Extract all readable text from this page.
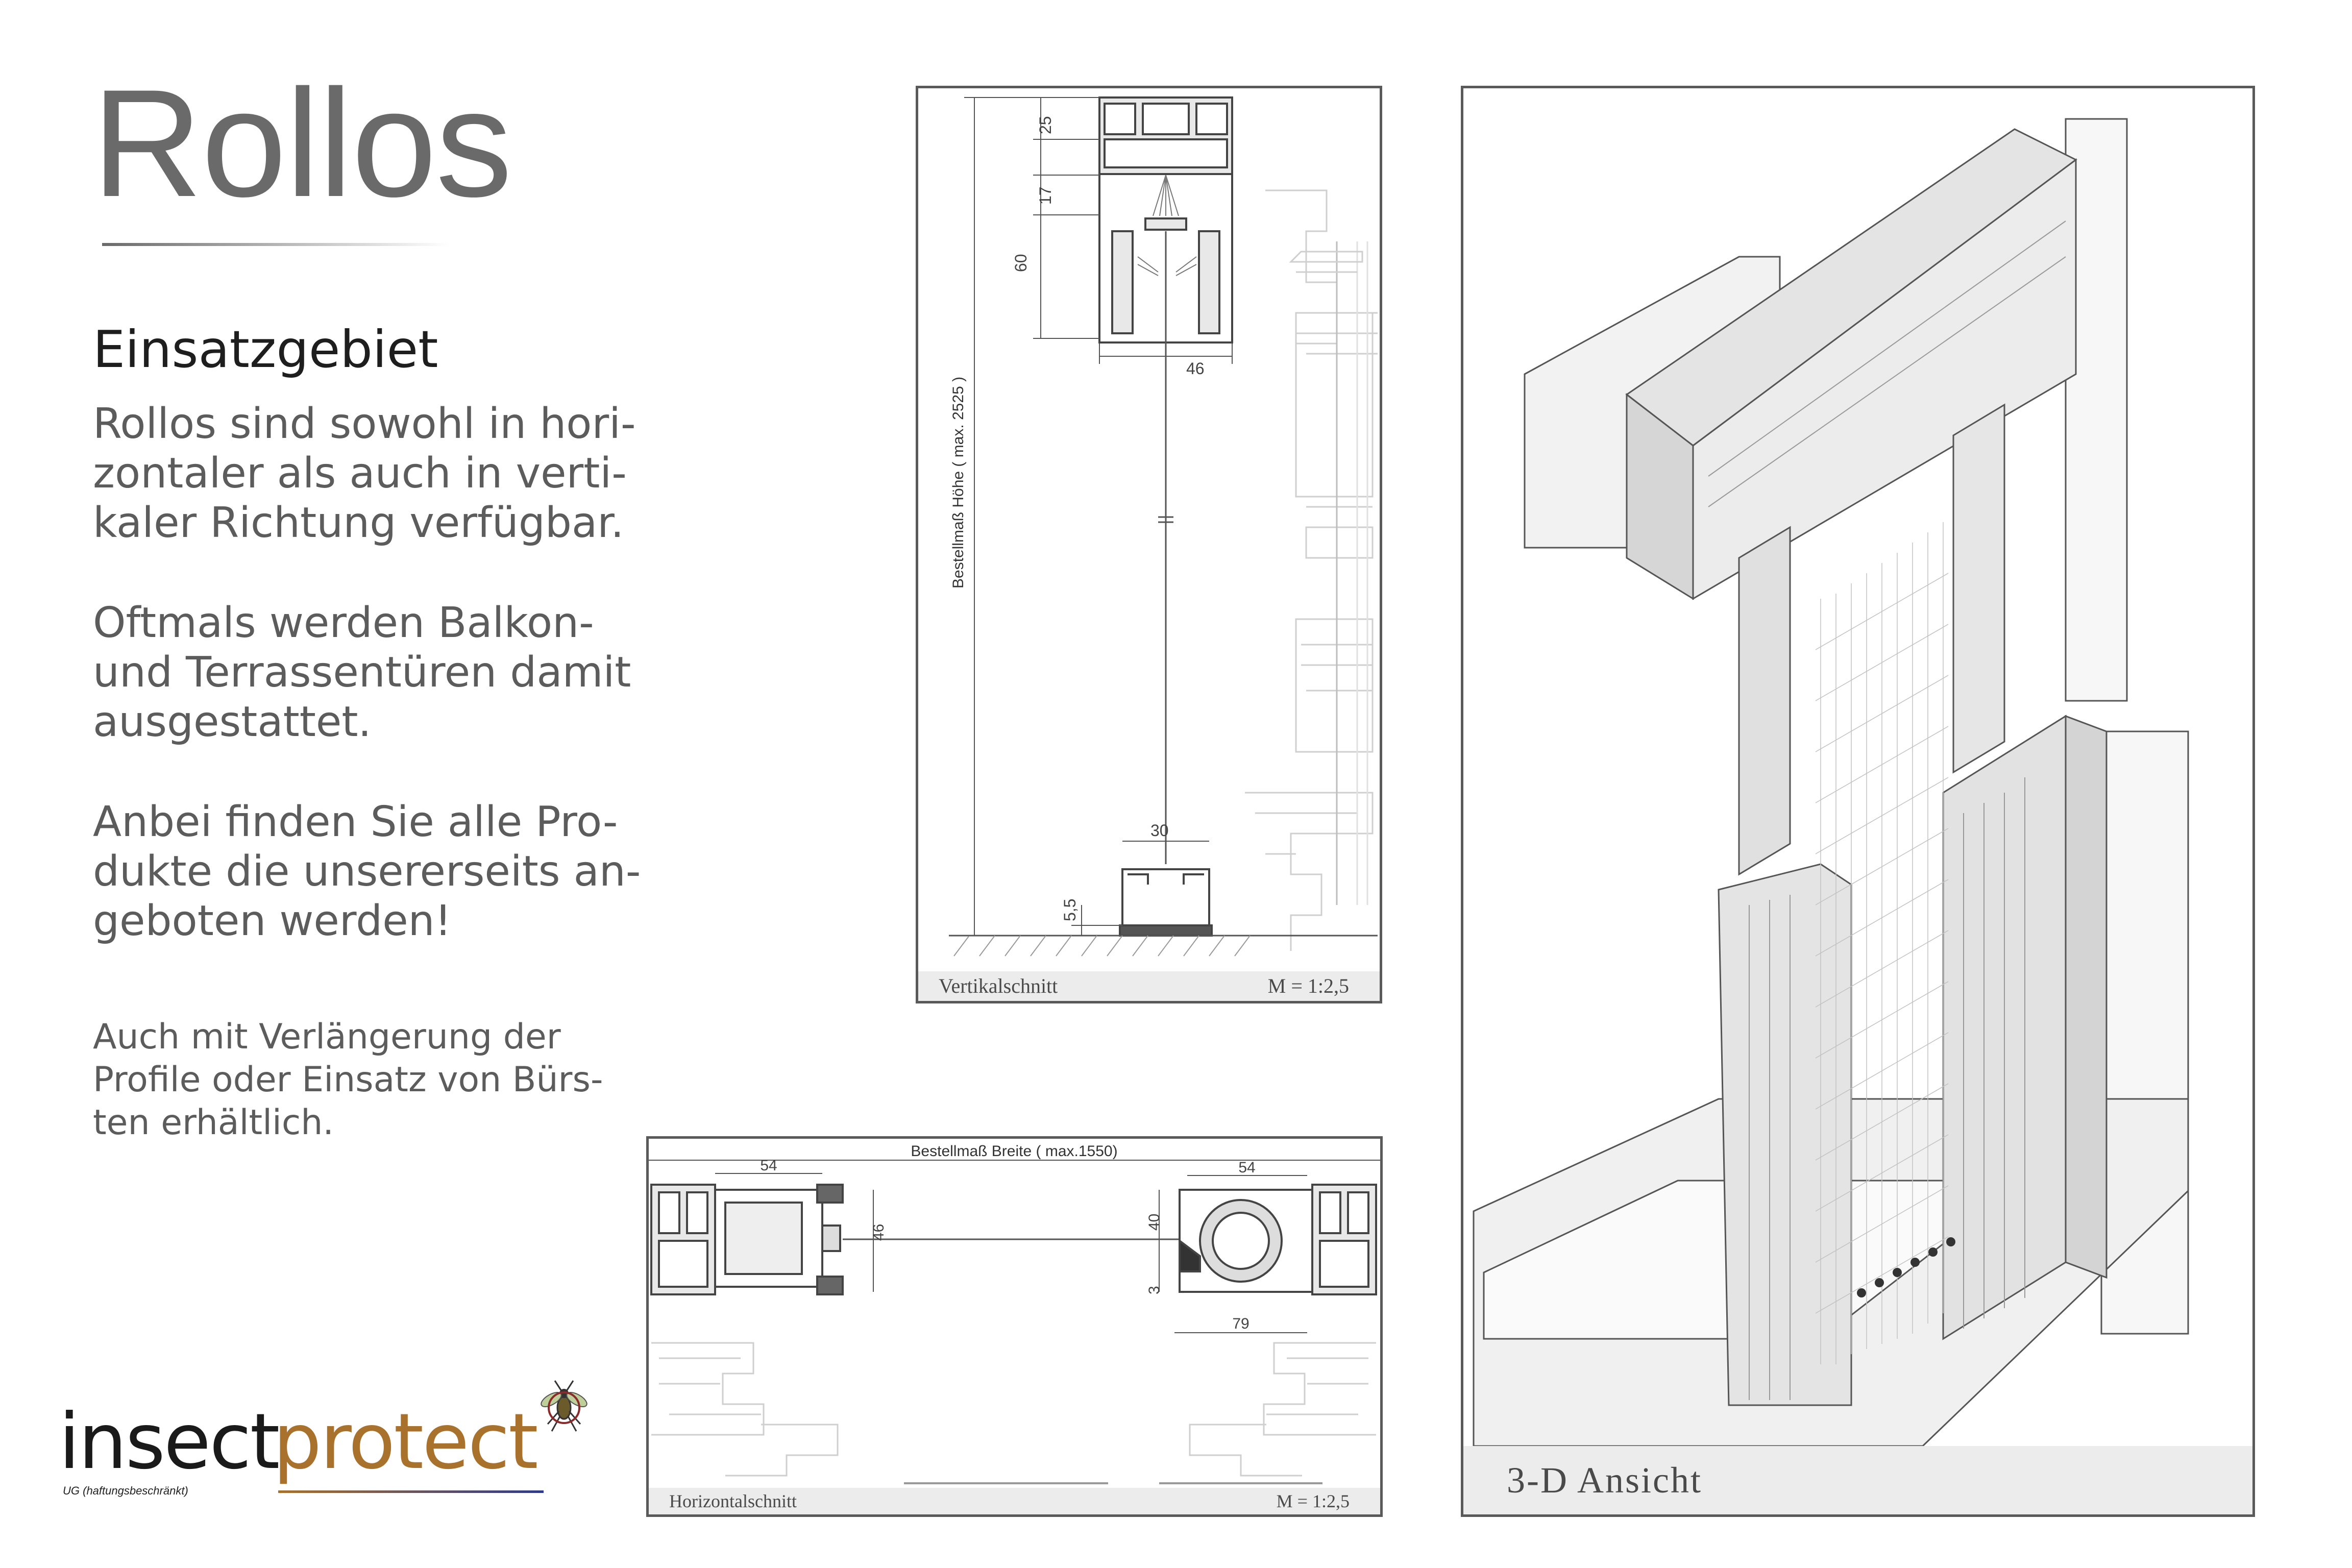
Rollos
Einsatzgebiet

Rollos sind sowohl in hori-
zontaler als auch in verti-
kaler Richtung verfügbar.

Oftmals werden Balkon-
und Terrassentüren damit
ausgestattet.

Anbei finden Sie alle Pro-
dukte die unsererseits an-
geboten werden!

Auch mit Verlängerung der
Profile oder Einsatz von Bürs-
ten erhältlich.

25
17
60
46
30
5,5
Bestellmaß Höhe ( max. 2525 )
Vertikalschnitt	M = 1:2,5
Bestellmaß Breite ( max.1550)
54	54
46
40
3
79
Horizontalschnitt	M = 1:2,5
3-D Ansicht
insect
protect
UG (haftungsbeschränkt)
